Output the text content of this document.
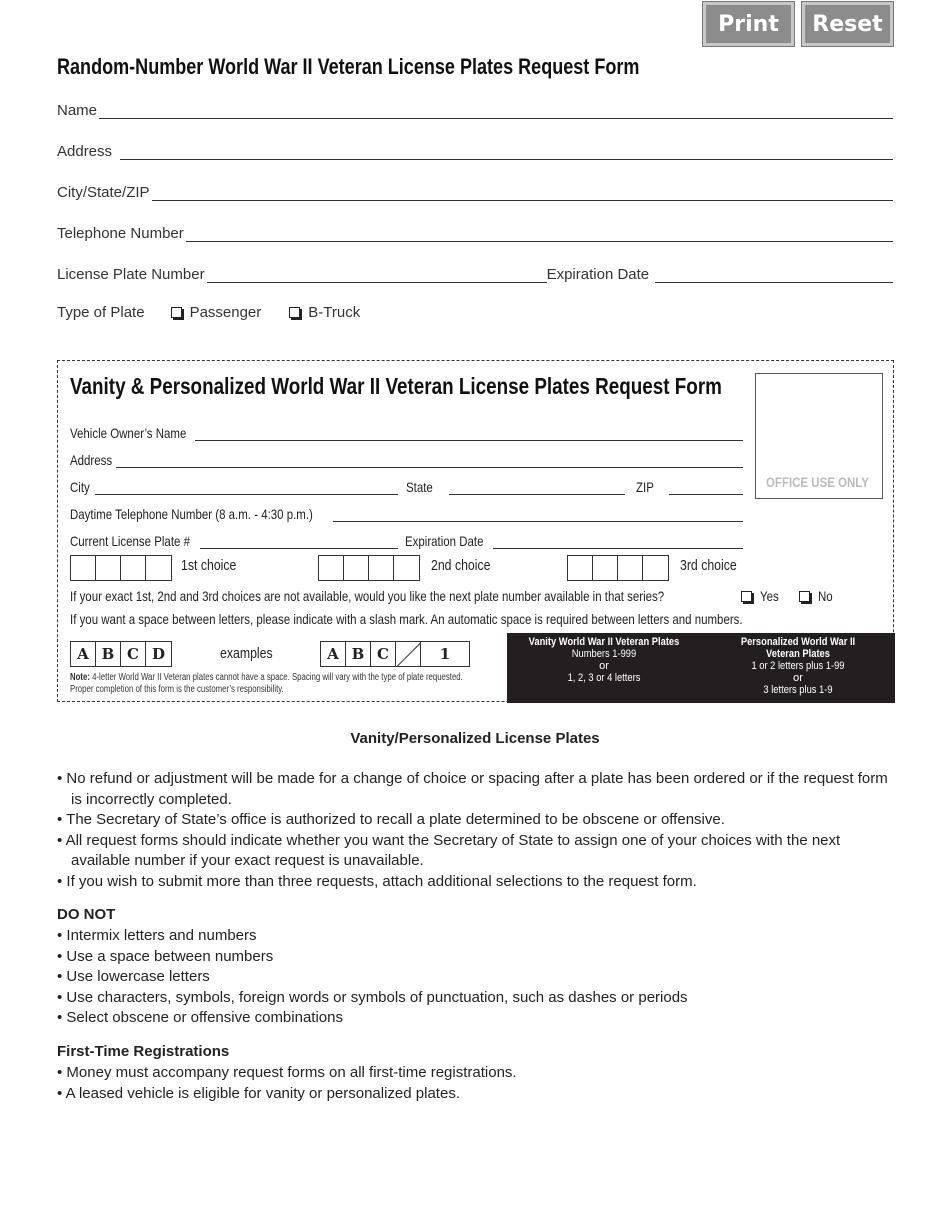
Print	Reset
Random-Number World War II Veteran License Plates Request Form
Name
Address
City/State/ZIP
Telephone Number
License Plate Number	Expiration Date
Type of Plate	Passenger	B-Truck
Vanity & Personalized World War II Veteran License Plates Request Form
OFFICE USE ONLY
Vehicle Owner’s Name
Address
City	State	ZIP
Daytime Telephone Number (8 a.m. - 4:30 p.m.)
Current License Plate #	Expiration Date
1st choice	2nd choice	3rd choice
If your exact 1st, 2nd and 3rd choices are not available, would you like the next plate number available in that series?	Yes	No
If you want a space between letters, please indicate with a slash mark. An automatic space is required between letters and numbers.
A B C D	examples	A B C	1
Note: 4-letter World War II Veteran plates cannot have a space. Spacing will vary with the type of plate requested.
Proper completion of this form is the customer’s responsibility.
Vanity World War II Veteran Plates
Numbers 1-999
or
1, 2, 3 or 4 letters
Personalized World War II Veteran Plates
1 or 2 letters plus 1-99
or
3 letters plus 1-9
Vanity/Personalized License Plates
• No refund or adjustment will be made for a change of choice or spacing after a plate has been ordered or if the request form is incorrectly completed.
• The Secretary of State’s office is authorized to recall a plate determined to be obscene or offensive.
• All request forms should indicate whether you want the Secretary of State to assign one of your choices with the next available number if your exact request is unavailable.
• If you wish to submit more than three requests, attach additional selections to the request form.
DO NOT
• Intermix letters and numbers
• Use a space between numbers
• Use lowercase letters
• Use characters, symbols, foreign words or symbols of punctuation, such as dashes or periods
• Select obscene or offensive combinations
First-Time Registrations
• Money must accompany request forms on all first-time registrations.
• A leased vehicle is eligible for vanity or personalized plates.
